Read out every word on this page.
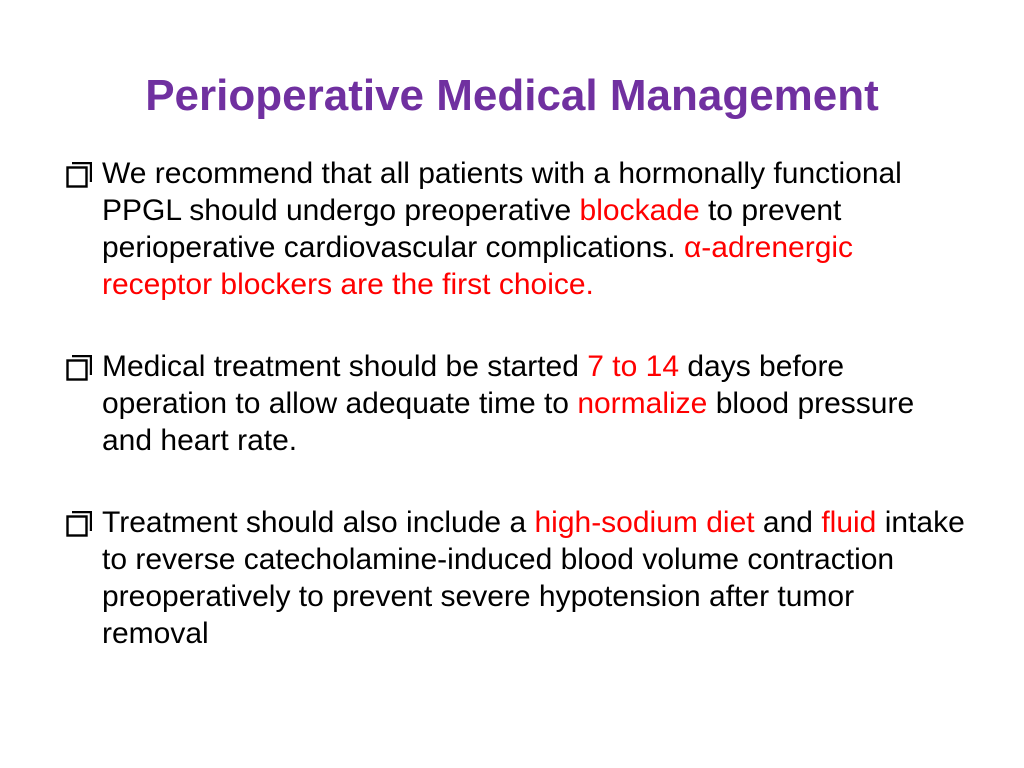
Perioperative Medical Management
We recommend that all patients with a hormonally functional PPGL should undergo preoperative blockade to prevent perioperative cardiovascular complications. α-adrenergic receptor blockers are the first choice.
Medical treatment should be started 7 to 14 days before operation to allow adequate time to normalize blood pressure and heart rate.
Treatment should also include a high-sodium diet and fluid intake to reverse catecholamine-induced blood volume contraction preoperatively to prevent severe hypotension after tumor removal
